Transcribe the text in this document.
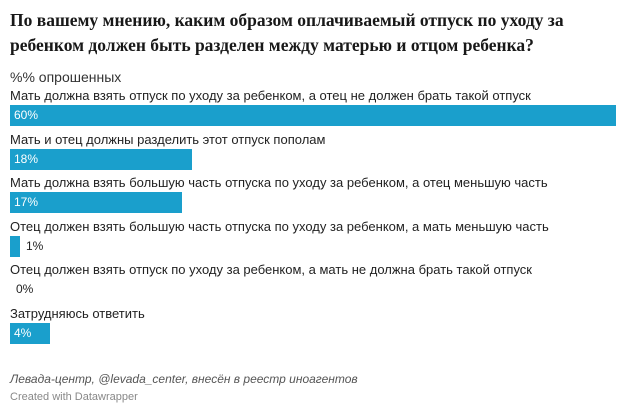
По вашему мнению, каким образом оплачиваемый отпуск по уходу за ребенком должен быть разделен между матерью и отцом ребенка?
%% опрошенных
Мать должна взять отпуск по уходу за ребенком, а отец не должен брать такой отпуск
60%
Мать и отец должны разделить этот отпуск пополам
18%
Мать должна взять большую часть отпуска по уходу за ребенком, а отец меньшую часть
17%
Отец должен взять большую часть отпуска по уходу за ребенком, а мать меньшую часть
1%
Отец должен взять отпуск по уходу за ребенком, а мать не должна брать такой отпуск
0%
Затрудняюсь ответить
4%
Левада-центр, @levada_center, внесён в реестр иноагентов
Created with Datawrapper
